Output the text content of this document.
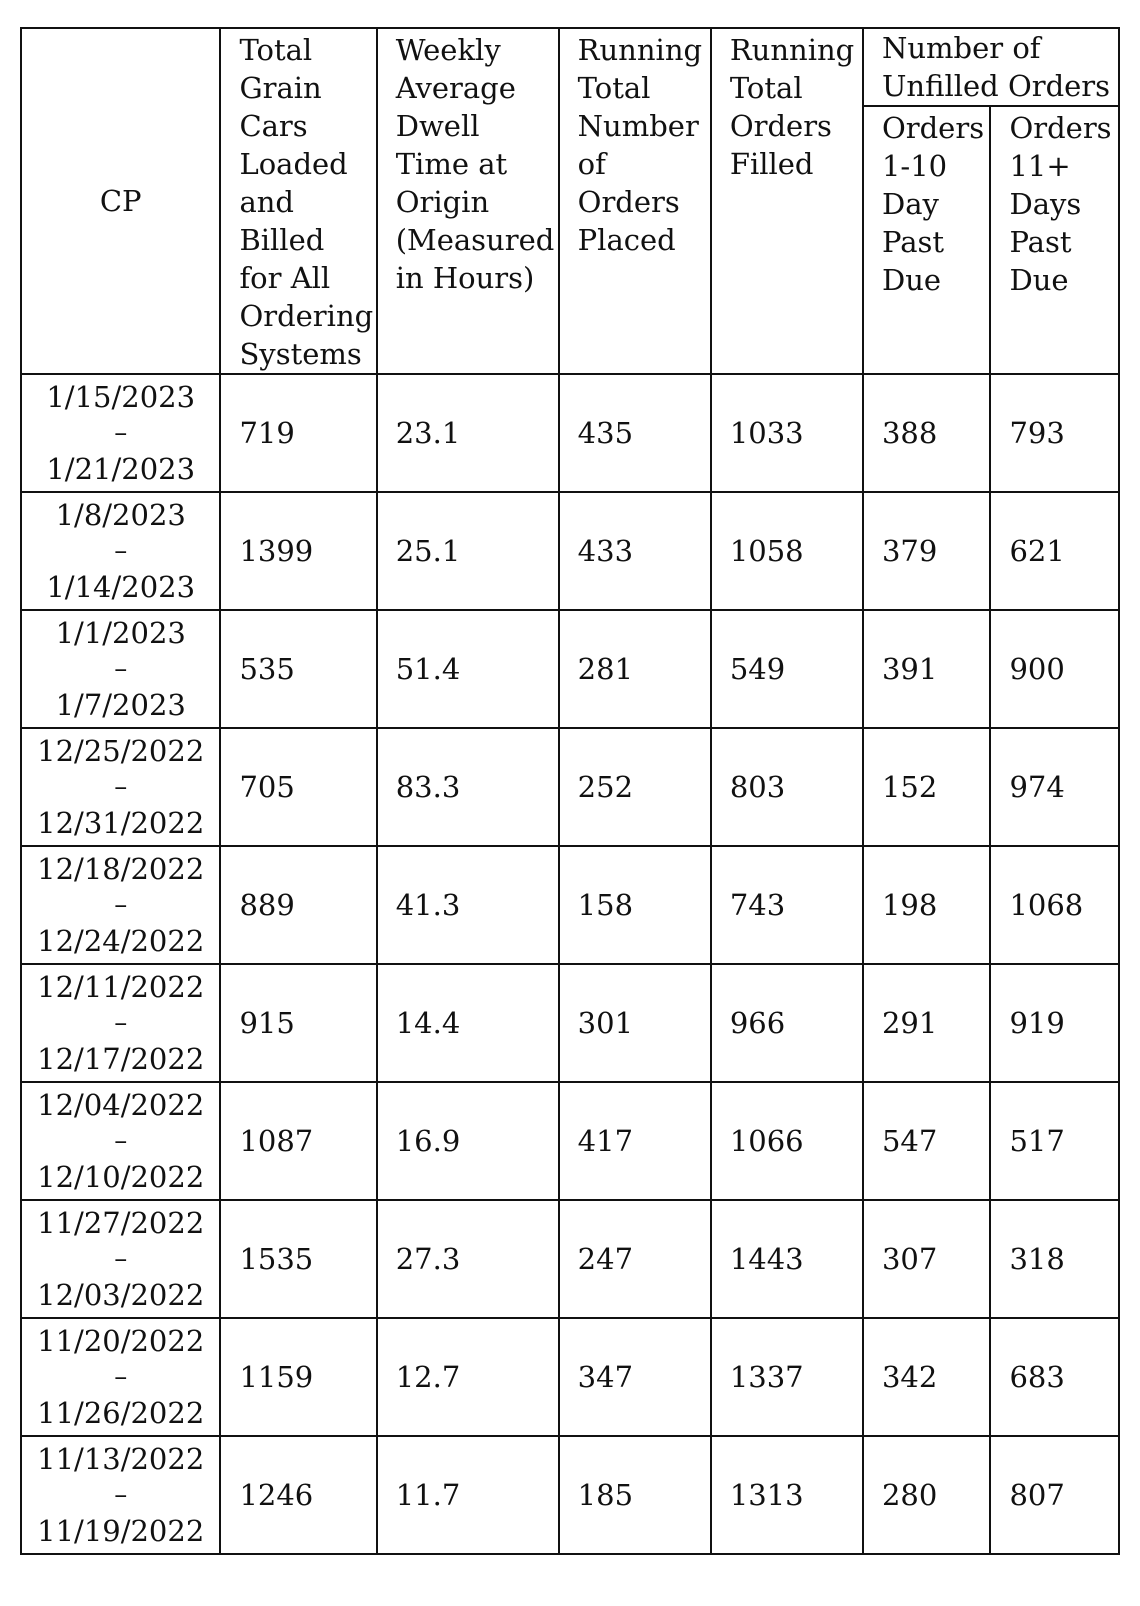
CP	Total Grain Cars Loaded and Billed for All Ordering Systems	Weekly Average Dwell Time at Origin (Measured in Hours)	Running Total Number of Orders Placed	Running Total Orders Filled	Number of Unfilled Orders	
					Orders 1-10 Day Past Due	Orders 11+ Days Past Due

1/15/2023
–
1/21/2023	719	23.1	435	1033	388	793

1/8/2023
–
1/14/2023	1399	25.1	433	1058	379	621

1/1/2023
–
1/7/2023	535	51.4	281	549	391	900

12/25/2022
–
12/31/2022	705	83.3	252	803	152	974

12/18/2022
–
12/24/2022	889	41.3	158	743	198	1068

12/11/2022
–
12/17/2022	915	14.4	301	966	291	919

12/04/2022
–
12/10/2022	1087	16.9	417	1066	547	517

11/27/2022
–
12/03/2022	1535	27.3	247	1443	307	318

11/20/2022
–
11/26/2022	1159	12.7	347	1337	342	683

11/13/2022
–
11/19/2022	1246	11.7	185	1313	280	807
